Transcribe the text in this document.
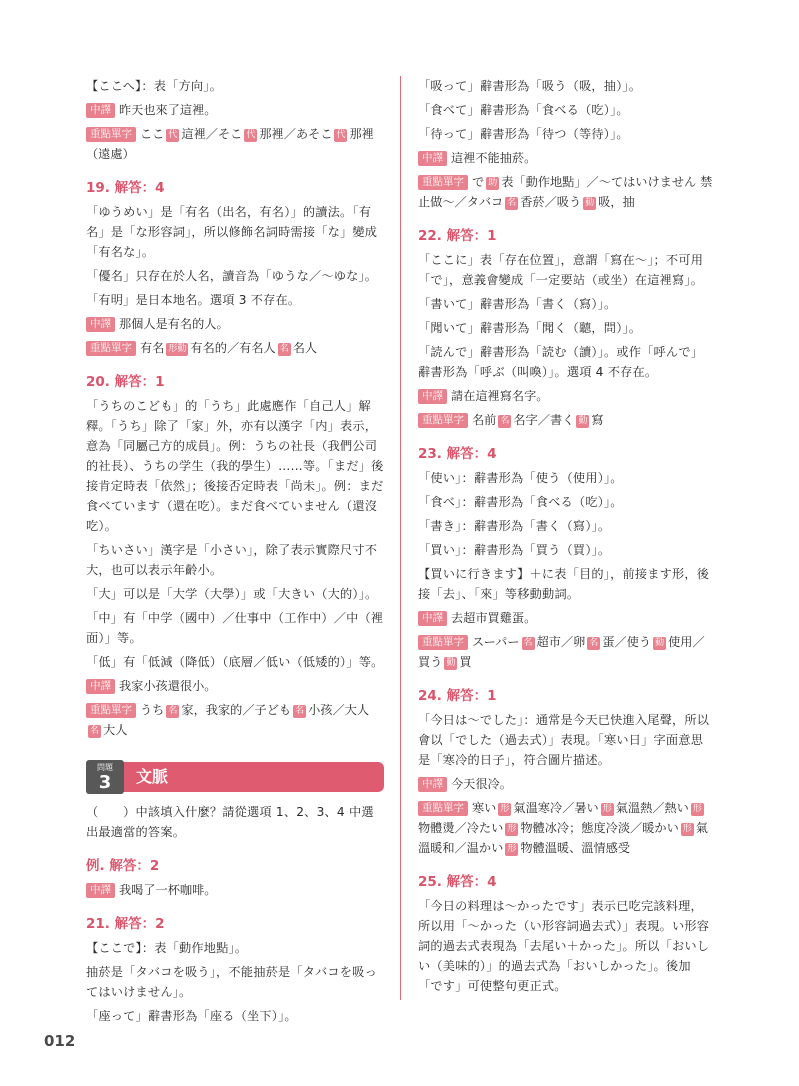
【ここへ】：表「方向」。

中譯 昨天也來了這裡。
重點單字 ここ 代 這裡／そこ 代 那裡／あそこ 代 那裡（遠處）
19. 解答：4

「ゆうめい」是「有名（出名，有名）」的讀法。「有名」是「な形容詞」，所以修飾名詞時需接「な」變成「有名な」。

「優名」只存在於人名，讀音為「ゆうな／～ゆな」。

「有明」是日本地名。選項 3 不存在。

中譯 那個人是有名的人。
重點單字 有名 形動 有名的／有名人 名 名人
20. 解答：1

「うちのこども」的「うち」此處應作「自己人」解釋。「うち」除了「家」外，亦有以漢字「内」表示，意為「同屬己方的成員」。例：うちの社長（我們公司的社長）、うちの学生（我的學生）……等。「まだ」後接肯定時表「依然」；後接否定時表「尚未」。例：まだ食べています（還在吃）。まだ食べていません（還沒吃）。

「ちいさい」漢字是「小さい」，除了表示實際尺寸不大，也可以表示年齡小。

「大」可以是「大学（大學）」或「大きい（大的）」。

「中」有「中学（國中）／仕事中（工作中）／中（裡面）」等。

「低」有「低減（降低）（底層／低い（低矮的）」等。

中譯 我家小孩還很小。
重點單字 うち 名 家，我家的／子ども 名 小孩／大人名 大人
問題
3	文脈

（　　）中該填入什麼？請從選項 1、2、3、4 中選出最適當的答案。

例. 解答：2
中譯 我喝了一杯咖啡。
21. 解答：2

【ここで】：表「動作地點」。

抽菸是「タバコを吸う」，不能抽菸是「タバコを吸ってはいけません」。

「座って」辭書形為「座る（坐下）」。

「吸って」辭書形為「吸う（吸，抽）」。

「食べて」辭書形為「食べる（吃）」。

「待って」辭書形為「待つ（等待）」。

中譯 這裡不能抽菸。
重點單字 で 助 表「動作地點」／～てはいけません 禁止做～／タバコ 名 香菸／吸う 動 吸，抽
22. 解答：1

「ここに」表「存在位置」，意謂「寫在～」；不可用「で」，意義會變成「一定要站（或坐）在這裡寫」。

「書いて」辭書形為「書く（寫）」。

「聞いて」辭書形為「聞く（聽，問）」。

「読んで」辭書形為「読む（讀）」。或作「呼んで」辭書形為「呼ぶ（叫喚）」。選項 4 不存在。

中譯 請在這裡寫名字。
重點單字 名前 名 名字／書く 動 寫
23. 解答：4

「使い」：辭書形為「使う（使用）」。

「食べ」：辭書形為「食べる（吃）」。

「書き」：辭書形為「書く（寫）」。

「買い」：辭書形為「買う（買）」。

【買いに行きます】＋に表「目的」，前接ます形，後接「去」、「來」等移動動詞。

中譯 去超市買雞蛋。
重點單字 スーパー 名 超市／卵 名 蛋／使う 動 使用／買う 動 買
24. 解答：1

「今日は～でした」：通常是今天已快進入尾聲，所以會以「でした（過去式）」表現。「寒い日」字面意思是「寒冷的日子」，符合圖片描述。

中譯 今天很冷。
重點單字 寒い 形 氣溫寒冷／暑い 形 氣溫熱／熱い 形物體燙／冷たい 形 物體冰冷；態度冷淡／暖かい 形 氣溫暖和／温かい 形 物體溫暖、溫情感受
25. 解答：4

「今日の料理は～かったです」表示已吃完該料理，所以用「～かった（い形容詞過去式）」表現。い形容詞的過去式表現為「去尾い＋かった」。所以「おいしい（美味的）」的過去式為「おいしかった」。後加「です」可使整句更正式。

012
